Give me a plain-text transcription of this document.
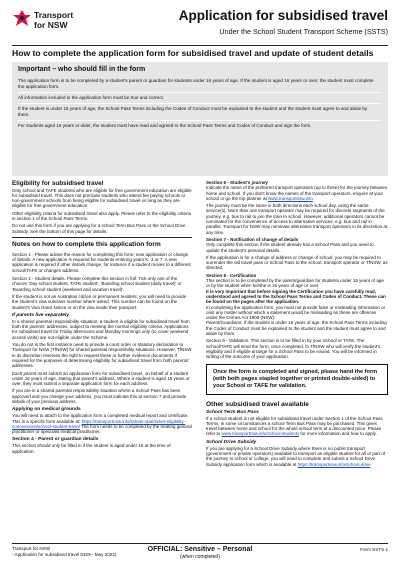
Transport
for NSW
Application for subsidised travel
Under the School Student Transport Scheme (SSTS)
How to complete the application form for subsidised travel and update of student details
Important – who should fill in the form
The application form is to be completed by a student's parent or guardian for students under 16 years of age. If the student is aged 16 years or over, the student must complete the application form.
All information included in the application form must be true and correct.
If the student is under 16 years of age, the School Pass Terms including the Codes of Conduct must be explained to the student and the student must agree to and abide by them.
For students aged 16 years or older, the student must have read and agreed to the School Pass Terms and Codes of Conduct and sign the form.

Eligibility for subsidised travel

Only school and TAFE students who are eligible for free government education are eligible for subsidised travel. This does not preclude students who attend fee paying schools or non-government schools from being eligible for subsidised travel so long as they are eligible for free government education.

Other eligibility criteria for subsidised travel also apply. Please refer to the eligibility criteria in section 1 of the School Pass Terms.

Do not use this form if you are applying for a school Term Bus Pass or the School Drive Subsidy. See the bottom of this page for details.

Notes on how to complete this application form

Section 1 - Please advise the reason for completing this form: new application or change of details. A new application is required for students entering years K, 3 or 7. A new application is required if other details change, for instance if a student moves to a different school/TAFE or changes address.

Section 2 - Student details. Please complete this section in full. Tick only one of the choices 'Day school student, TAFE student', 'Boarding school student (daily travel)' or 'Boarding school student (weekend and vacation travel)'.

If the student is not an Australian citizen or permanent resident, you will need to provide the student's visa subclass number where asked. This number can be found on the student's Visa Grant Notice or on the visa inside their passport.

If parents live separately

In a shared parental responsibility situation, a student is eligible for subsidised travel from both the parents' addresses, subject to meeting the normal eligibility criteria. Applications for subsidised travel for Friday afternoons and Monday mornings only (to cover weekend access visits) are not eligible under the Scheme.

You do not in the first instance need to provide a court order or statutory declaration to Transport for NSW (TfNSW) for shared parental responsibility situations. However, TfNSW in its discretion reserves the right to request these or further evidence documents if required for the purposes of determining eligibility for subsidised travel from both parents' addresses.

Each parent must submit an application form for subsidised travel, on behalf of a student under 16 years of age, stating that parent's address. Where a student is aged 16 years or over, they must submit a separate application form for each address.

If you are in a shared parental responsibility situation where a School Pass has been approved and you change your address, you must indicate this at section 7 and provide details of your previous address.

Applying on medical grounds

You will need to attach to the application form a completed medical report and certificate. This is a specific form available at: https://transportnsw.info/tickets-opal/ticket-eligibility-concessions/school-student-travel The form needs to be completed by the treating general practitioner or specialist medical practitioner.

Section 4 - Parent or guardian details

This section should only be filled in if the student is aged under 16 at the time of application.

Section 6 - Student's journey

Indicate the name of the preferred transport operators (up to three) for the journey between home and school. If you don't know the names of the transport operators, enquire at your school or go the trip planner at www.transportnsw.info

The journey must be the same in both directions each school day, using the same service(s). More than one transport operator may be required for discrete segments of the journey, e.g. bus to rail to join the train to school. However, additional operators cannot be nominated for the convenience of access to alternative services, e.g. bus and rail in parallel. Transport for NSW may nominate alternative transport operators in its discretion at any time.

Section 7 - Notification of change of details

Only complete this section if the student already has a School Pass and you need to update the student's personal details.

If the application is for a change of address or change of school, you may be required to surrender the old travel pass or School Pass to the school, transport operator or TfNSW, as directed.

Section 8 - Certification

This section is to be completed by the parent/guardian for students under 16 years of age or by the student when he/she is 16 years of age or over.

It is very important that before signing the Certification you have carefully read, understood and agreed to the School Pass Terms and Codes of Conduct. These can be found on the pages after the application.

In completing the application form, you must not provide false or misleading information or omit any matter without which a statement would be misleading as these are offences under the Crimes Act 1900 (NSW).

Parent/Guardians: If the student is under 16 years of age, the School Pass Terms including the Codes of Conduct must be explained to the student and the student must agree to and abide by them.

Section 9 - Validation. This section is to be filled in by your School or TAFE. The School/TAFE will send the form, once completed, to TfNSW who will verify the student's eligibility and if eligible arrange for a School Pass to be issued. You will be informed in writing of the outcome of your application.

Once the form is completed and signed, please hand the form (with both pages stapled together or printed double-sided) to your School or TAFE for validation.

Other subsidised travel available

School Term Bus Pass

If a school student is not eligible for subsidised travel under Section 1 of the School Pass Terms, in some circumstances a school Term Bus Pass may be purchased. This gives travel between home and school for the whole school term at a discounted price. Please refer to www.transportnsw.info/school-students for more information and how to apply.

School Drive Subsidy

If you are applying for a School Drive Subsidy where there is no public transport (government or private operators) available to transport an eligible student for all or part of the journey to school or college, you will need to complete and submit a School Drive Subsidy application form which is available at https://transportnsw.info/school-drive

Transport for NSW
- Application for subsidised travel 5329 - May 2022)
OFFICIAL: Sensitive – Personal
(when completed)
Form SSTS 1
